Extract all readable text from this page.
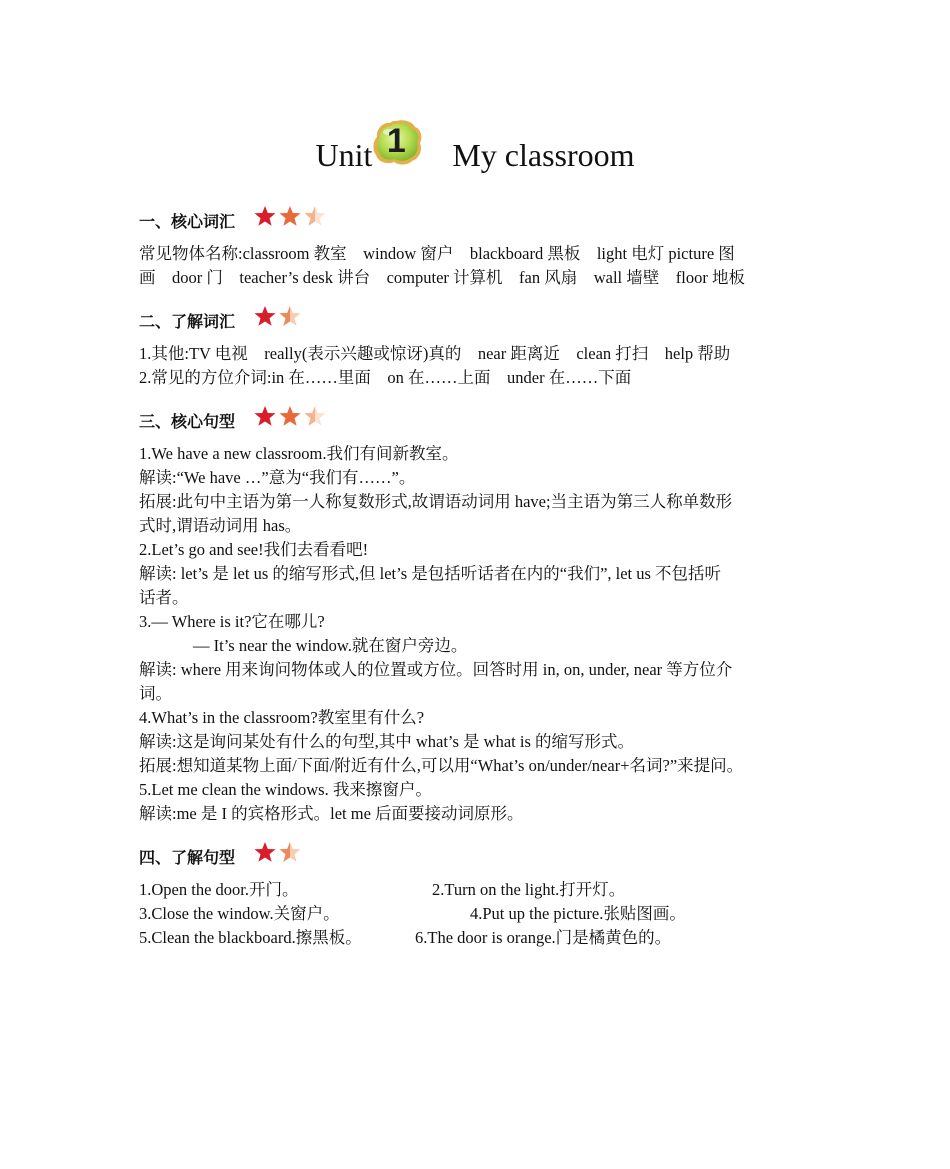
Unit 1	My classroom
一、核心词汇
常见物体名称:classroom 教室　window 窗户　blackboard 黑板　light 电灯 picture 图
画　door 门　teacher’s desk 讲台　computer 计算机　fan 风扇　wall 墙壁　floor 地板
二、了解词汇
1.其他:TV 电视　really(表示兴趣或惊讶)真的　near 距离近　clean 打扫　help 帮助
2.常见的方位介词:in 在……里面　on 在……上面　under 在……下面
三、核心句型
1.We have a new classroom.我们有间新教室。
解读:“We have …”意为“我们有……”。
拓展:此句中主语为第一人称复数形式,故谓语动词用 have;当主语为第三人称单数形
式时,谓语动词用 has。
2.Let’s go and see!我们去看看吧!
解读: let’s 是 let us 的缩写形式,但 let’s 是包括听话者在内的“我们”, let us 不包括听
话者。
3.— Where is it?它在哪儿?
— It’s near the window.就在窗户旁边。
解读: where 用来询问物体或人的位置或方位。回答时用 in, on, under, near 等方位介
词。
4.What’s in the classroom?教室里有什么?
解读:这是询问某处有什么的句型,其中 what’s 是 what is 的缩写形式。
拓展:想知道某物上面/下面/附近有什么,可以用“What’s on/under/near+名词?”来提问。
5.Let me clean the windows. 我来擦窗户。
解读:me 是 I 的宾格形式。let me 后面要接动词原形。
四、了解句型
1.Open the door.开门。	2.Turn on the light.打开灯。
3.Close the window.关窗户。	4.Put up the picture.张贴图画。
5.Clean the blackboard.擦黑板。	6.The door is orange.门是橘黄色的。
